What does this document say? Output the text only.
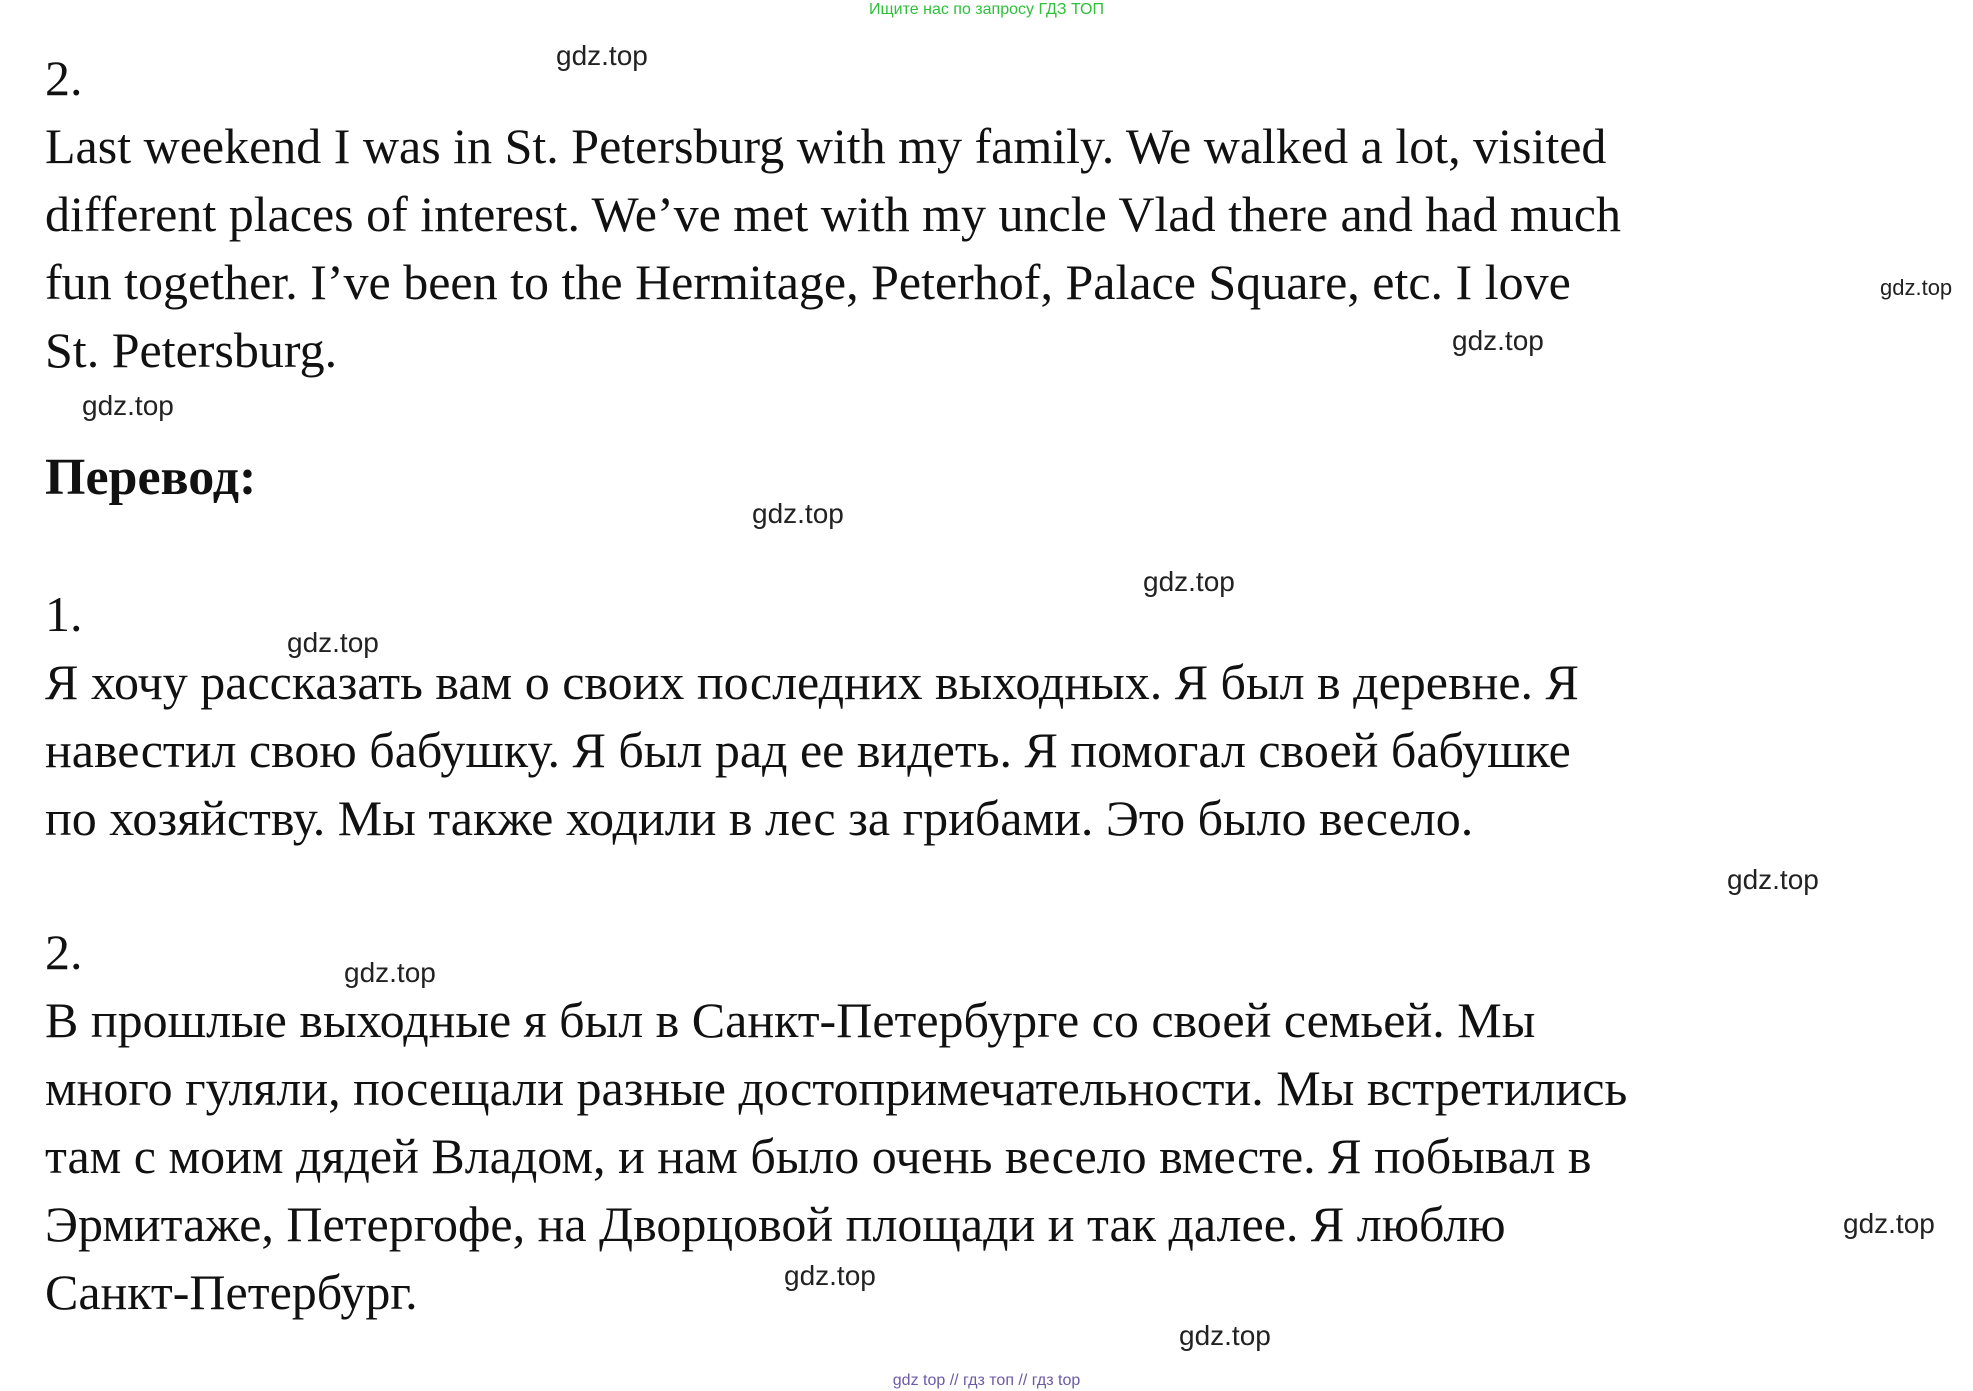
Ищите нас по запросу ГДЗ ТОП

2.

Last weekend I was in St. Petersburg with my family. We walked a lot, visited
different places of interest. We’ve met with my uncle Vlad there and had much
fun together. I’ve been to the Hermitage, Peterhof, Palace Square, etc. I love
St. Petersburg.

Перевод:

1.

Я хочу рассказать вам о своих последних выходных. Я был в деревне. Я
навестил свою бабушку. Я был рад ее видеть. Я помогал своей бабушке
по хозяйству. Мы также ходили в лес за грибами. Это было весело.

2.

В прошлые выходные я был в Санкт-Петербурге со своей семьей. Мы
много гуляли, посещали разные достопримечательности. Мы встретились
там с моим дядей Владом, и нам было очень весело вместе. Я побывал в
Эрмитаже, Петергофе, на Дворцовой площади и так далее. Я люблю
Санкт-Петербург.

gdz.top
gdz.top
gdz.top
gdz.top
gdz.top
gdz.top
gdz.top
gdz.top
gdz.top
gdz.top
gdz.top
gdz.top
gdz top // гдз топ // гдз top
